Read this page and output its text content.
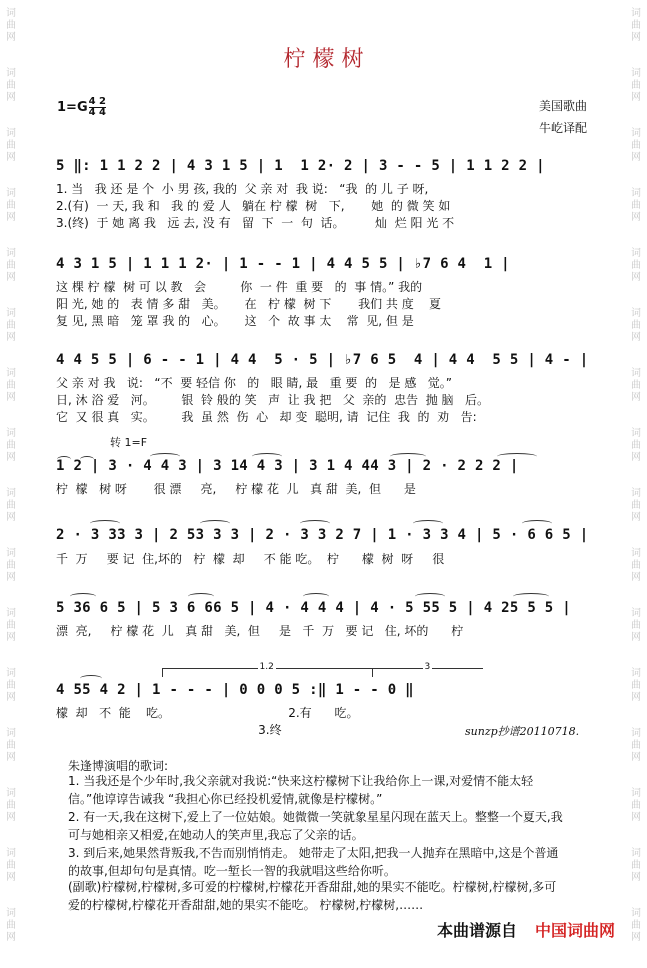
词
曲
网
词
曲
网
词
曲
网
词
曲
网
词
曲
网
词
曲
网
词
曲
网
词
曲
网
词
曲
网
词
曲
网
词
曲
网
词
曲
网
词
曲
网
词
曲
网
词
曲
网
词
曲
网
词
曲
网
词
曲
网
词
曲
网
词
曲
网
词
曲
网
词
曲
网
词
曲
网
词
曲
网
词
曲
网
词
曲
网
词
曲
网
词
曲
网
词
曲
网
词
曲
网
词
曲
网
词
曲
网
柠 檬 树
$1=G \frac{4 2}{4 4}$	美国歌曲
牛屹译配
5 ‖: 1 1 2 2 | 4 3 1 5 | 1  1 2· 2 | 3 - - 5 | 1 1 2 2 |
1. 当   我 还 是 个  小 男 孩, 我的  父 亲 对  我 说:   “我  的 儿 子 呀,
2.(有)  一 天, 我 和   我 的 爱 人   躺在 柠 檬  树   下,       她  的 微 笑 如
3.(终)  于 她 离 我   远 去, 没 有   留  下  一  句  话。        灿  烂 阳 光 不
4 3 1 5 | 1 1 1 2· | 1 - - 1 | 4 4 5 5 | ♭7 6 4  1 |
这 棵 柠 檬  树 可 以 教   会         你  一 件  重 要   的  事 情。” 我的
阳 光, 她 的   表 情 多 甜   美。     在   柠 檬  树 下       我们 共 度    夏
复 见, 黑 暗   笼 罩 我 的   心。     这   个  故 事 太    常  见, 但 是
4 4 5 5 | 6 - - 1 | 4 4  5 · 5 | ♭7 6 5  4 | 4 4  5 5 | 4 - |
父 亲 对 我   说:   “不  要 轻信 你   的   眼 睛, 最   重 要  的   是 感   觉。”
日, 沐 浴 爱   河。       银  铃 般的 笑   声  让 我 把   父  亲的  忠告  抛 脑   后。
它  又 很 真   实。       我  虽 然  伤  心   却 变  聪明, 请  记住  我  的  劝   告:
转 1=F
1 2 | 3 · 4 4 3 | 3 14 4 3 | 3 1 4 44 3 | 2 · 2 2 2 |
柠  檬   树 呀       很 漂     亮,     柠 檬 花  儿   真 甜  美,  但      是
2 · 3 33 3 | 2 53 3 3 | 2 · 3 3 2 7 | 1 · 3 3 4 | 5 · 6 6 5 |
千  万     要 记  住,坏的   柠  檬  却     不 能 吃。  柠      檬  树  呀     很
5 36 6 5 | 5 3 6 66 5 | 4 · 4 4 4 | 4 · 5 55 5 | 4 25 5 5 |
漂  亮,     柠 檬 花  儿   真 甜   美,  但     是   千  万   要 记   住, 坏的      柠
1.2	3
4 55 4 2 | 1 - - - | 0 0 0 5 :‖ 1 - - 0 ‖
檬  却   不  能    吃。                               2.有      吃。
3.终	sunzp抄谱20110718.
朱逢博演唱的歌词:
1. 当我还是个少年时,我父亲就对我说:“快来这柠檬树下让我给你上一课,对爱情不能太轻信。”他谆谆告诫我 “我担心你已经投机爱情,就像是柠檬树。”
2. 有一天,我在这树下,爱上了一位姑娘。她微微一笑就象星星闪现在蓝天上。整整一个夏天,我可与她相亲又相爱,在她动人的笑声里,我忘了父亲的话。
3. 到后来,她果然背叛我,不告而别悄悄走。 她带走了太阳,把我一人抛弃在黑暗中,这是个普通的故事,但却句句是真情。吃一堑长一智的我就唱这些给你听。
(副歌)柠檬树,柠檬树,多可爱的柠檬树,柠檬花开香甜甜,她的果实不能吃。柠檬树,柠檬树,多可爱的柠檬树,柠檬花开香甜甜,她的果实不能吃。 柠檬树,柠檬树,……
本曲谱源自 中国词曲网
